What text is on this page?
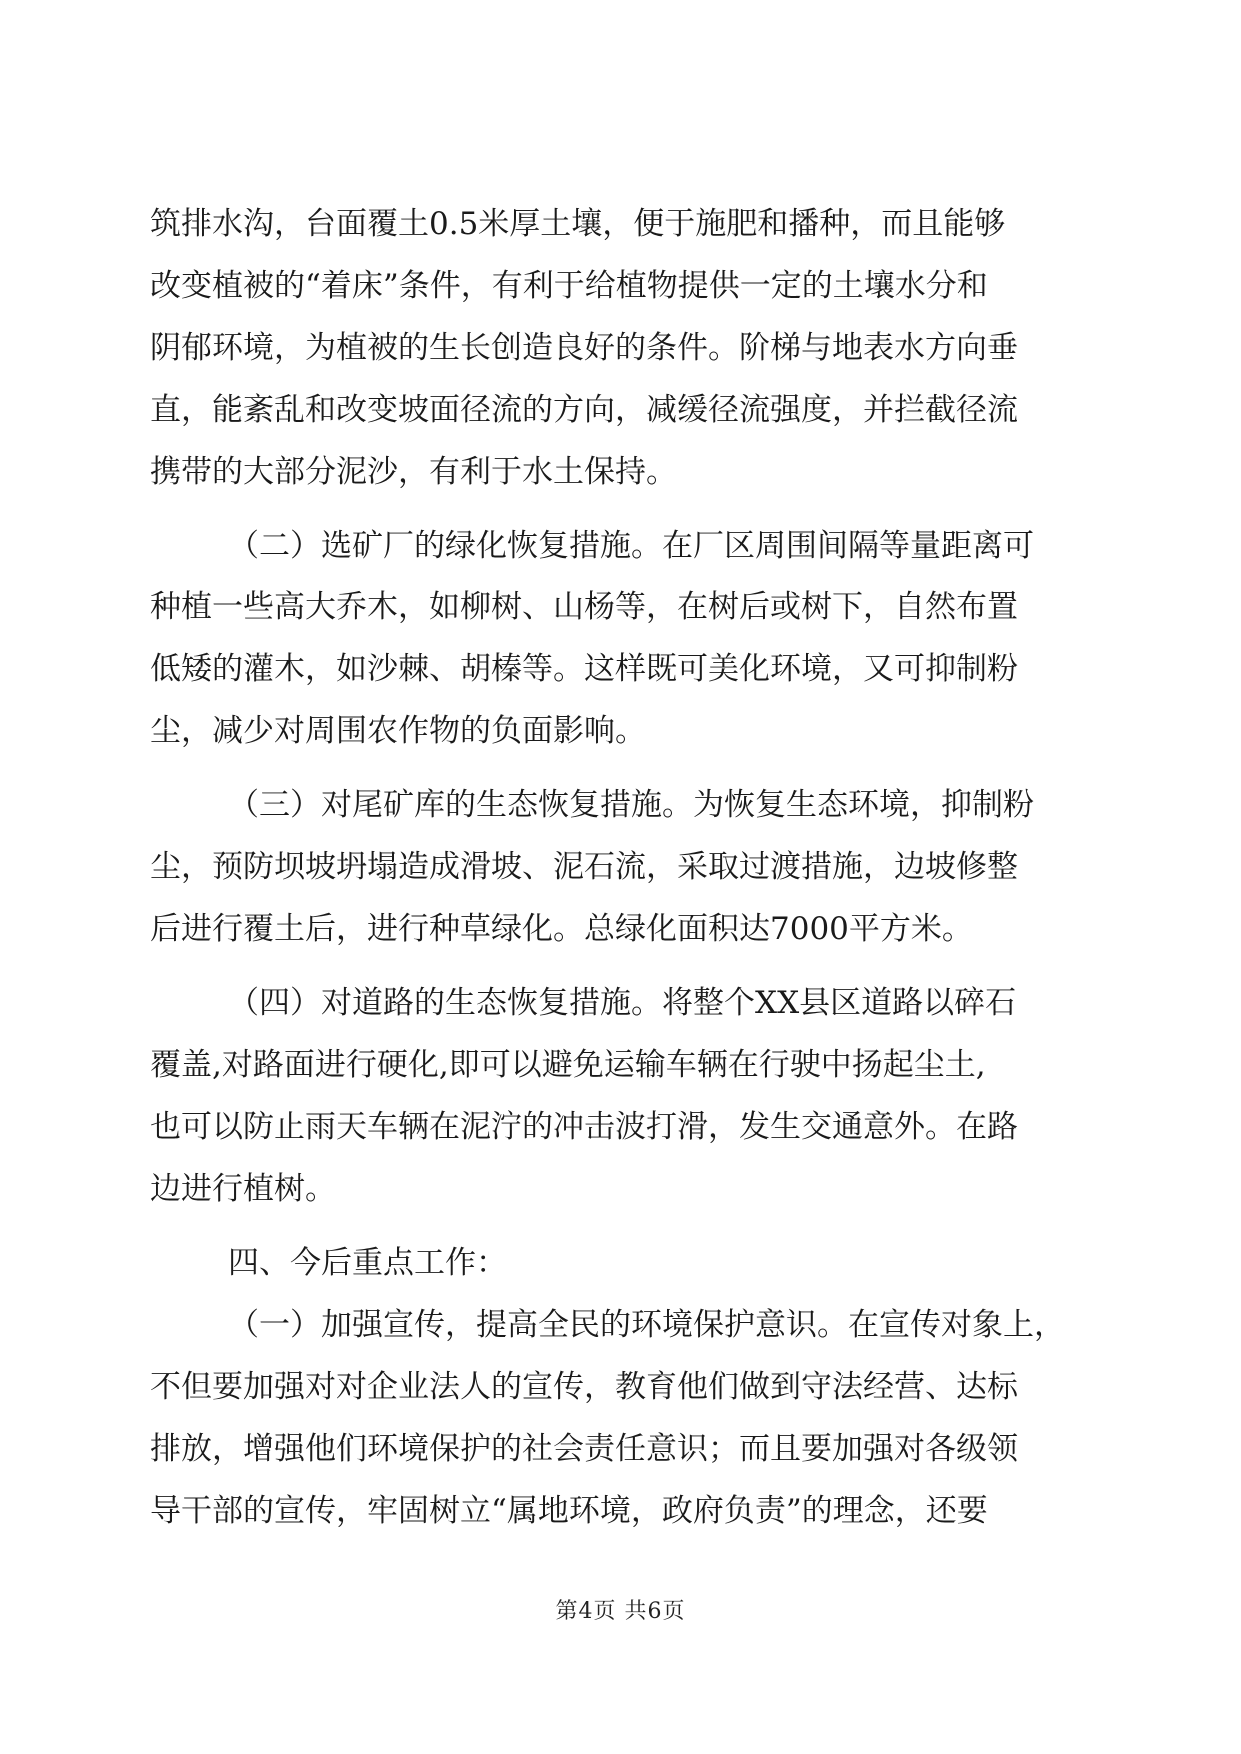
筑排水沟，台面覆土0.5米厚土壤，便于施肥和播种，而且能够
改变植被的“着床”条件，有利于给植物提供一定的土壤水分和
阴郁环境，为植被的生长创造良好的条件。阶梯与地表水方向垂
直，能紊乱和改变坡面径流的方向，减缓径流强度，并拦截径流
携带的大部分泥沙，有利于水土保持。
（二）选矿厂的绿化恢复措施。在厂区周围间隔等量距离可
种植一些高大乔木，如柳树、山杨等，在树后或树下，自然布置
低矮的灌木，如沙棘、胡榛等。这样既可美化环境，又可抑制粉
尘，减少对周围农作物的负面影响。
（三）对尾矿库的生态恢复措施。为恢复生态环境，抑制粉
尘，预防坝坡坍塌造成滑坡、泥石流，采取过渡措施，边坡修整
后进行覆土后，进行种草绿化。总绿化面积达7000平方米。
（四）对道路的生态恢复措施。将整个XX县区道路以碎石
覆盖,对路面进行硬化,即可以避免运输车辆在行驶中扬起尘土,
也可以防止雨天车辆在泥泞的冲击波打滑，发生交通意外。在路
边进行植树。
四、今后重点工作：
（一）加强宣传，提高全民的环境保护意识。在宣传对象上，
不但要加强对对企业法人的宣传，教育他们做到守法经营、达标
排放，增强他们环境保护的社会责任意识；而且要加强对各级领
导干部的宣传，牢固树立“属地环境，政府负责”的理念，还要
第4页 共6页
